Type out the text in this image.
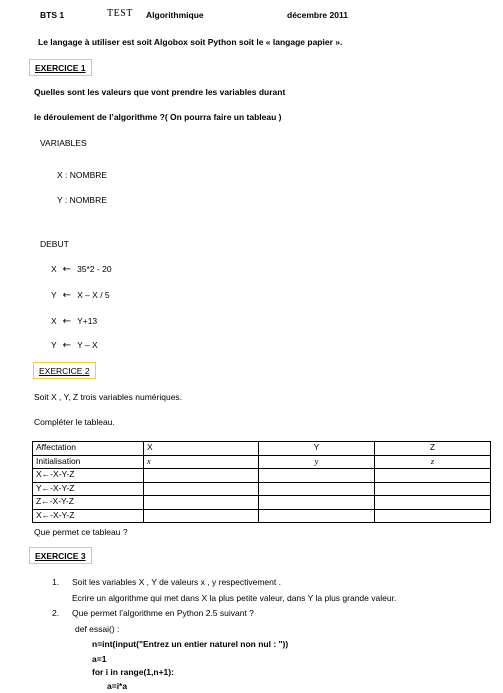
BTS 1	TEST Algorithmique	décembre 2011
Le langage à utiliser est soit Algobox soit Python soit le « langage papier ».
EXERCICE 1
Quelles sont les valeurs que vont prendre les variables durant
le déroulement de l’algorithme ?( On pourra faire un tableau )
VARIABLES
X : NOMBRE
Y : NOMBRE
DEBUT
X ← 35*2 - 20
Y ← X – X / 5
X ← Y+13
Y ← Y – X
EXERCICE 2
Soit X , Y, Z trois variables numériques.
Compléter le tableau.
Affectation	X	Y	Z
Initialisation	x	y	z
X←-X-Y-Z			
Y←-X-Y-Z			
Z←-X-Y-Z			
X←-X-Y-Z			
Que permet ce tableau ?
EXERCICE 3
1. Soit les variables X , Y de valeurs x , y respectivement .
Ecrire un algorithme qui met dans X la plus petite valeur, dans Y la plus grande valeur.
2. Que permet l’algorithme en Python 2.5 suivant ?
def essai() :
n=int(input("Entrez un entier naturel non nul : "))
a=1
for i in range(1,n+1):
a=i*a
